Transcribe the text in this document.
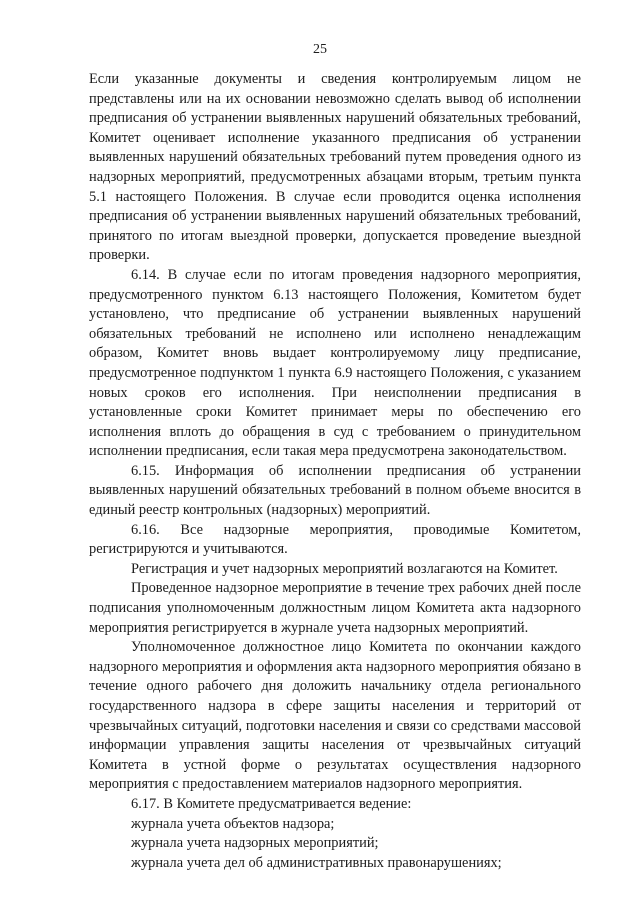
25

Если указанные документы и сведения контролируемым лицом не представлены или на их основании невозможно сделать вывод об исполнении предписания об устранении выявленных нарушений обязательных требований, Комитет оценивает исполнение указанного предписания об устранении выявленных нарушений обязательных требований путем проведения одного из надзорных мероприятий, предусмотренных абзацами вторым, третьим пункта 5.1 настоящего Положения. В случае если проводится оценка исполнения предписания об устранении выявленных нарушений обязательных требований, принятого по итогам выездной проверки, допускается проведение выездной проверки.

6.14. В случае если по итогам проведения надзорного мероприятия, предусмотренного пунктом 6.13 настоящего Положения, Комитетом будет установлено, что предписание об устранении выявленных нарушений обязательных требований не исполнено или исполнено ненадлежащим образом, Комитет вновь выдает контролируемому лицу предписание, предусмотренное подпунктом 1 пункта 6.9 настоящего Положения, с указанием новых сроков его исполнения. При неисполнении предписания в установленные сроки Комитет принимает меры по обеспечению его исполнения вплоть до обращения в суд с требованием о принудительном исполнении предписания, если такая мера предусмотрена законодательством.

6.15. Информация об исполнении предписания об устранении выявленных нарушений обязательных требований в полном объеме вносится в единый реестр контрольных (надзорных) мероприятий.

6.16. Все надзорные мероприятия, проводимые Комитетом, регистрируются и учитываются.

Регистрация и учет надзорных мероприятий возлагаются на Комитет.

Проведенное надзорное мероприятие в течение трех рабочих дней после подписания уполномоченным должностным лицом Комитета акта надзорного мероприятия регистрируется в журнале учета надзорных мероприятий.

Уполномоченное должностное лицо Комитета по окончании каждого надзорного мероприятия и оформления акта надзорного мероприятия обязано в течение одного рабочего дня доложить начальнику отдела регионального государственного надзора в сфере защиты населения и территорий от чрезвычайных ситуаций, подготовки населения и связи со средствами массовой информации управления защиты населения от чрезвычайных ситуаций Комитета в устной форме о результатах осуществления надзорного мероприятия с предоставлением материалов надзорного мероприятия.

6.17. В Комитете предусматривается ведение:

журнала учета объектов надзора;

журнала учета надзорных мероприятий;

журнала учета дел об административных правонарушениях;
